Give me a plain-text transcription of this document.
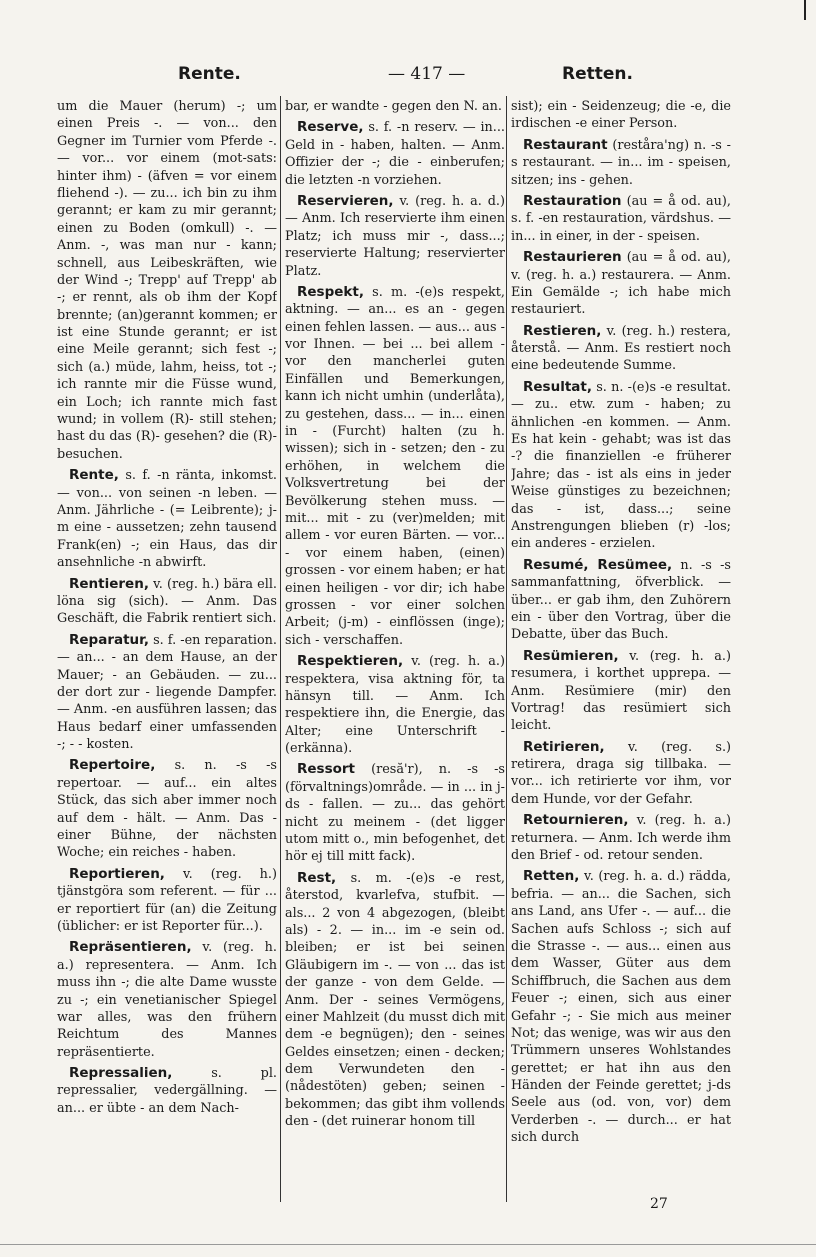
Rente.	— 417 —	Retten.

um die Mauer (herum) -; um einen Preis -. — von... den Gegner im Turnier vom Pferde -. — vor... vor einem (mot-sats: hinter ihm) - (äfven = vor einem fliehend -). — zu... ich bin zu ihm gerannt; er kam zu mir gerannt; einen zu Boden (omkull) -. — Anm. -, was man nur - kann; schnell, aus Leibeskräften, wie der Wind -; Trepp' auf Trepp' ab -; er rennt, als ob ihm der Kopf brennte; (an)gerannt kommen; er ist eine Stunde gerannt; er ist eine Meile gerannt; sich fest -; sich (a.) müde, lahm, heiss, tot -; ich rannte mir die Füsse wund, ein Loch; ich rannte mich fast wund; in vollem (R)- still stehen; hast du das (R)- gesehen? die (R)- besuchen.

Rente, s. f. -n ränta, inkomst. — von... von seinen -n leben. — Anm. Jährliche - (= Leibrente); j-m eine - aussetzen; zehn tausend Frank(en) -; ein Haus, das dir ansehnliche -n abwirft.

Rentieren, v. (reg. h.) bära ell. löna sig (sich). — Anm. Das Geschäft, die Fabrik rentiert sich.

Reparatur, s. f. -en reparation. — an... - an dem Hause, an der Mauer; - an Gebäuden. — zu... der dort zur - liegende Dampfer. — Anm. -en ausführen lassen; das Haus bedarf einer umfassenden -; - - kosten.

Repertoire, s. n. -s -s repertoar. — auf... ein altes Stück, das sich aber immer noch auf dem - hält. — Anm. Das - einer Bühne, der nächsten Woche; ein reiches - haben.

Reportieren, v. (reg. h.) tjänstgöra som referent. — für ... er reportiert für (an) die Zeitung (üblicher: er ist Reporter für...).

Repräsentieren, v. (reg. h. a.) representera. — Anm. Ich muss ihn -; die alte Dame wusste zu -; ein venetianischer Spiegel war alles, was den frühern Reichtum des Mannes repräsentierte.

Repressalien,	s. pl. repressalier, vedergällning. — an... er übte - an dem Nach-

bar, er wandte - gegen den N. an.

Reserve, s. f. -n reserv. — in... Geld in - haben, halten. — Anm. Offizier der -; die - einberufen; die letzten -n vorziehen.

Reservieren, v. (reg. h. a. d.) — Anm. Ich reservierte ihm einen Platz; ich muss mir -, dass...; reservierte Haltung; reservierter Platz.

Respekt, s. m. -(e)s respekt, aktning. — an... es an - gegen einen fehlen lassen. — aus... aus - vor Ihnen. — bei ... bei allem - vor den mancherlei guten Einfällen und Bemerkungen, kann ich nicht umhin (underlåta), zu gestehen, dass... — in... einen in - (Furcht) halten (zu h. wissen); sich in - setzen; den - zu erhöhen, in welchem die Volksvertretung bei der Bevölkerung stehen muss. — mit... mit - zu (ver)melden; mit allem - vor euren Bärten. — vor... - vor einem haben, (einen) grossen - vor einem haben; er hat einen heiligen - vor dir; ich habe grossen - vor einer solchen Arbeit; (j-m) - einflössen (inge); sich - verschaffen.

Respektieren, v. (reg. h. a.) respektera, visa aktning för, ta hänsyn till. — Anm. Ich respektiere ihn, die Energie, das Alter; eine Unterschrift - (erkänna).

Ressort (resă'r), n. -s -s (förvaltnings)område. — in ... in j-ds - fallen. — zu... das gehört nicht zu meinem - (det ligger utom mitt o., min befogenhet, det hör ej till mitt fack).

Rest, s. m. -(e)s -e rest, återstod, kvarlefva, stufbit. — als... 2 von 4 abgezogen, (bleibt als) - 2. — in... im -e sein od. bleiben; er ist bei seinen Gläubigern im -. — von ... das ist der ganze - von dem Gelde. — Anm. Der - seines Vermögens, einer Mahlzeit (du musst dich mit dem -e begnügen); den - seines Geldes einsetzen; einen - decken; dem Verwundeten den - (nådestöten) geben; seinen - bekommen; das gibt ihm vollends den - (det ruinerar honom till

sist); ein - Seidenzeug; die -e, die irdischen -e einer Person.

Restaurant (reståra'ng) n. -s -s restaurant. — in... im - speisen, sitzen; ins - gehen.

Restauration (au = å od. au), s. f. -en restauration, värdshus. — in... in einer, in der - speisen.

Restaurieren (au = å od. au), v. (reg. h. a.) restaurera. — Anm. Ein Gemälde -; ich habe mich restauriert.

Restieren, v. (reg. h.) restera, återstå. — Anm. Es restiert noch eine bedeutende Summe.

Resultat, s. n. -(e)s -e resultat. — zu.. etw. zum - haben; zu ähnlichen -en kommen. — Anm. Es hat kein - gehabt; was ist das -? die finanziellen -e früherer Jahre; das - ist als eins in jeder Weise günstiges zu bezeichnen; das - ist, dass...; seine Anstrengungen blieben (r) -los; ein anderes - erzielen.

Resumé, Resümee, n. -s -s sammanfattning, öfverblick. — über... er gab ihm, den Zuhörern ein - über den Vortrag, über die Debatte, über das Buch.

Resümieren, v. (reg. h. a.) resumera, i korthet upprepa. — Anm. Resümiere (mir) den Vortrag! das resümiert sich leicht.

Retirieren, v. (reg. s.) retirera, draga sig tillbaka. — vor... ich retirierte vor ihm, vor dem Hunde, vor der Gefahr.

Retournieren, v. (reg. h. a.) returnera. — Anm. Ich werde ihm den Brief - od. retour senden.

Retten, v. (reg. h. a. d.) rädda, befria. — an... die Sachen, sich ans Land, ans Ufer -. — auf... die Sachen aufs Schloss -; sich auf die Strasse -. — aus... einen aus dem Wasser, Güter aus dem Schiffbruch, die Sachen aus dem Feuer -; einen, sich aus einer Gefahr -; - Sie mich aus meiner Not; das wenige, was wir aus den Trümmern unseres Wohlstandes gerettet; er hat ihn aus den Händen der Feinde gerettet; j-ds Seele aus (od. von, vor) dem Verderben -. — durch... er hat sich durch

27
